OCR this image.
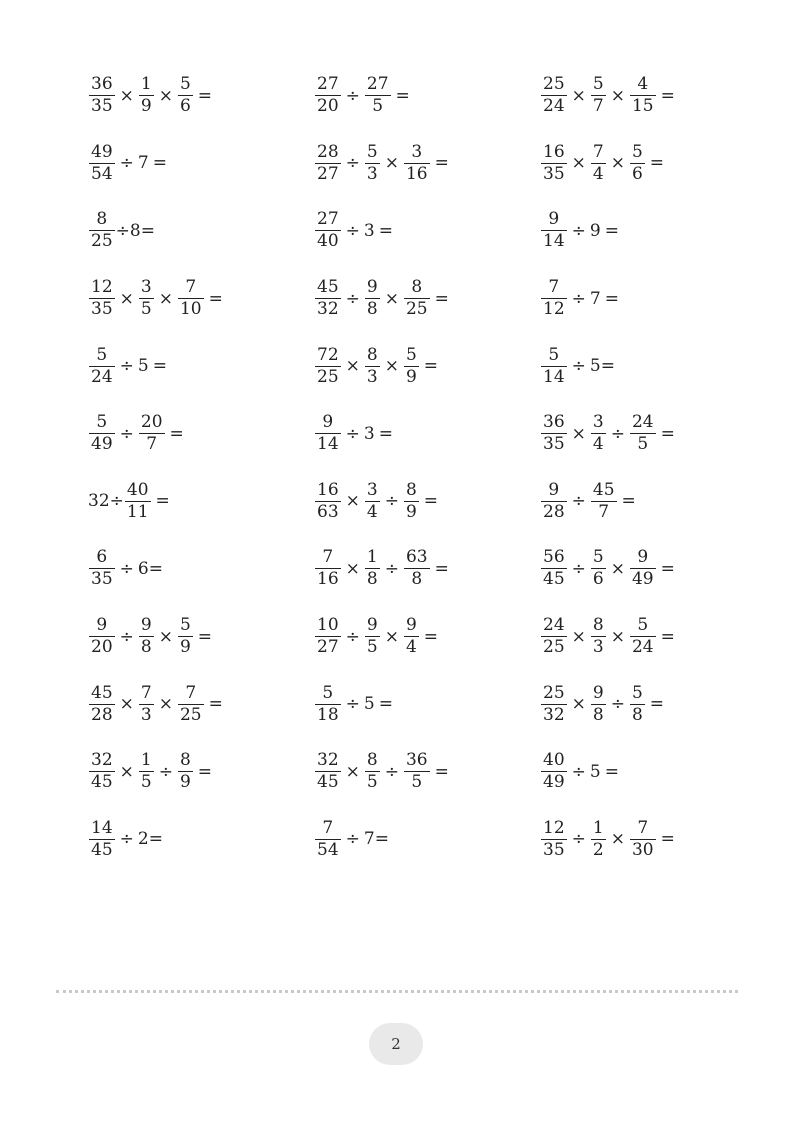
$\frac{36}{35} \times \frac{1}{9} \times \frac{5}{6}$ =	$\frac{27}{20} \div \frac{27}{5}$ =	$\frac{25}{24} \times \frac{5}{7} \times \frac{4}{15}$ =
$\frac{49}{54} \div 7$ =	$\frac{28}{27} \div \frac{5}{3} \times \frac{3}{16}$ =	$\frac{16}{35} \times \frac{7}{4} \times \frac{5}{6}$ =
$\frac{8}{25} \div 8=$	$\frac{27}{40} \div 3$ =	$\frac{9}{14} \div 9$ =
$\frac{12}{35} \times \frac{3}{5} \times \frac{7}{10}$ =	$\frac{45}{32} \div \frac{9}{8} \times \frac{8}{25}$ =	$\frac{7}{12} \div 7$ =
$\frac{5}{24} \div 5$ =	$\frac{72}{25} \times \frac{8}{3} \times \frac{5}{9}$ =	$\frac{5}{14} \div 5=$
$\frac{5}{49} \div \frac{20}{7}$ =	$\frac{9}{14} \div 3$ =	$\frac{36}{35} \times \frac{3}{4} \div \frac{24}{5}$ =
$32\div \frac{40}{11}$ =	$\frac{16}{63} \times \frac{3}{4} \div \frac{8}{9}$ =	$\frac{9}{28} \div \frac{45}{7}$ =
$\frac{6}{35} \div 6=$	$\frac{7}{16} \times \frac{1}{8} \div \frac{63}{8}$ =	$\frac{56}{45} \div \frac{5}{6} \times \frac{9}{49}$ =
$\frac{9}{20} \div \frac{9}{8} \times \frac{5}{9}$ =	$\frac{10}{27} \div \frac{9}{5} \times \frac{9}{4}$ =	$\frac{24}{25} \times \frac{8}{3} \times \frac{5}{24}$ =
$\frac{45}{28} \times \frac{7}{3} \times \frac{7}{25}$ =	$\frac{5}{18} \div 5$ =	$\frac{25}{32} \times \frac{9}{8} \div \frac{5}{8}$ =
$\frac{32}{45} \times \frac{1}{5} \div \frac{8}{9}$ =	$\frac{32}{45} \times \frac{8}{5} \div \frac{36}{5}$ =	$\frac{40}{49} \div 5$ =
$\frac{14}{45} \div 2=$	$\frac{7}{54} \div 7=$	$\frac{12}{35} \div \frac{1}{2} \times \frac{7}{30}$ =
2
